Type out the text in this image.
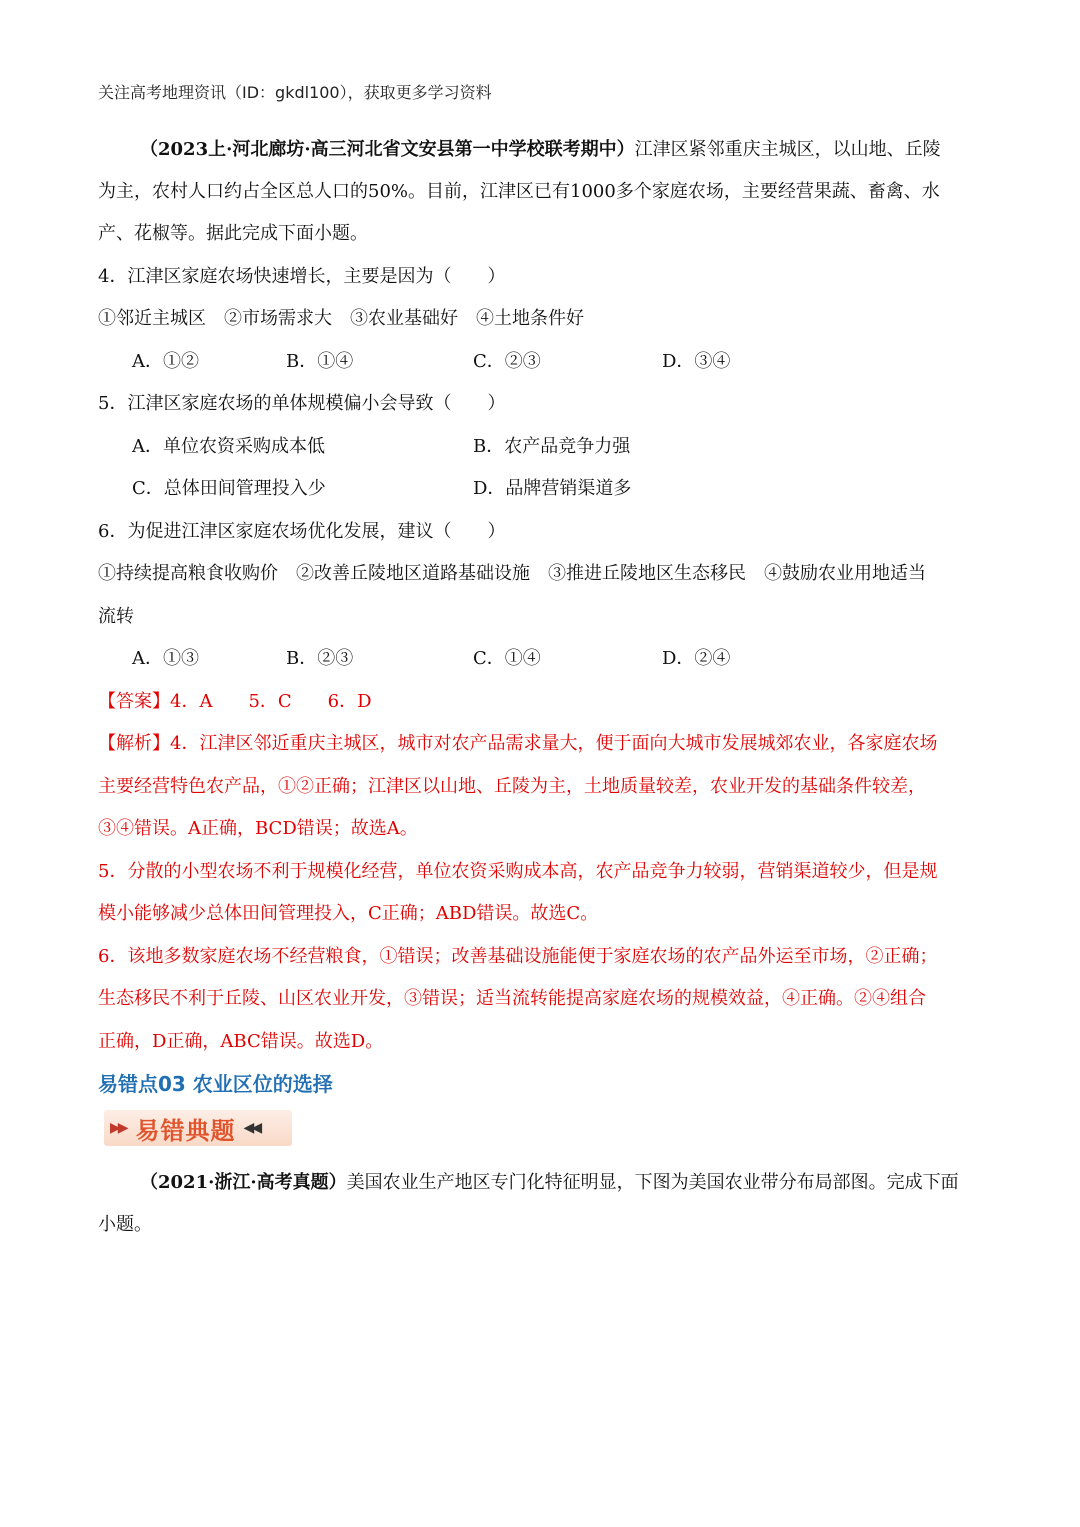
关注高考地理资讯（ID：gkdl100），获取更多学习资料
（2023上·河北廊坊·高三河北省文安县第一中学校联考期中）江津区紧邻重庆主城区，以山地、丘陵
为主，农村人口约占全区总人口的50%。目前，江津区已有1000多个家庭农场，主要经营果蔬、畜禽、水
产、花椒等。据此完成下面小题。
4．江津区家庭农场快速增长，主要是因为（　　）
①邻近主城区　②市场需求大　③农业基础好　④土地条件好
A．①②	B．①④	C．②③	D．③④
5．江津区家庭农场的单体规模偏小会导致（　　）
A．单位农资采购成本低	B．农产品竞争力强
C．总体田间管理投入少	D．品牌营销渠道多
6．为促进江津区家庭农场优化发展，建议（　　）
①持续提高粮食收购价　②改善丘陵地区道路基础设施　③推进丘陵地区生态移民　④鼓励农业用地适当
流转
A．①③	B．②③	C．①④	D．②④
【答案】4．A　　5．C　　6．D
【解析】4．江津区邻近重庆主城区，城市对农产品需求量大，便于面向大城市发展城郊农业，各家庭农场
主要经营特色农产品，①②正确；江津区以山地、丘陵为主，土地质量较差，农业开发的基础条件较差，
③④错误。A正确，BCD错误；故选A。
5．分散的小型农场不利于规模化经营，单位农资采购成本高，农产品竞争力较弱，营销渠道较少，但是规
模小能够减少总体田间管理投入，C正确；ABD错误。故选C。
6．该地多数家庭农场不经营粮食，①错误；改善基础设施能便于家庭农场的农产品外运至市场，②正确；
生态移民不利于丘陵、山区农业开发，③错误；适当流转能提高家庭农场的规模效益，④正确。②④组合
正确，D正确，ABC错误。故选D。
易错点03 农业区位的选择
▶▶ 易错典题 ◀◀
（2021·浙江·高考真题）美国农业生产地区专门化特征明显，下图为美国农业带分布局部图。完成下面
小题。
